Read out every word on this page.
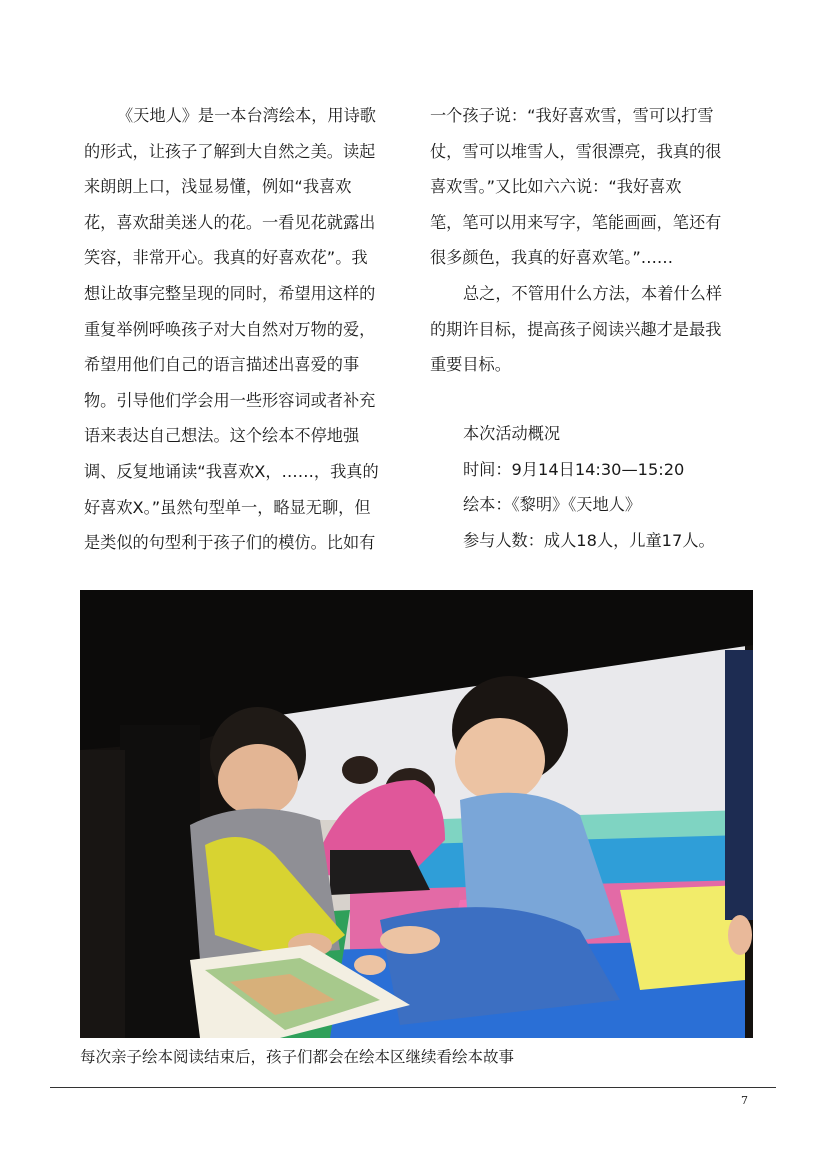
《天地人》是一本台湾绘本，用诗歌

的形式，让孩子了解到大自然之美。读起

来朗朗上口，浅显易懂，例如“我喜欢

花，喜欢甜美迷人的花。一看见花就露出

笑容，非常开心。我真的好喜欢花”。我

想让故事完整呈现的同时，希望用这样的

重复举例呼唤孩子对大自然对万物的爱，

希望用他们自己的语言描述出喜爱的事

物。引导他们学会用一些形容词或者补充

语来表达自己想法。这个绘本不停地强

调、反复地诵读“我喜欢X，……，我真的

好喜欢X。”虽然句型单一，略显无聊，但

是类似的句型利于孩子们的模仿。比如有

一个孩子说：“我好喜欢雪，雪可以打雪

仗，雪可以堆雪人，雪很漂亮，我真的很

喜欢雪。”又比如六六说：“我好喜欢

笔，笔可以用来写字，笔能画画，笔还有

很多颜色，我真的好喜欢笔。”……

总之，不管用什么方法，本着什么样

的期许目标，提高孩子阅读兴趣才是最我

重要目标。

本次活动概况

时间：9月14日14:30—15:20

绘本：《黎明》《天地人》

参与人数：成人18人，儿童17人。

每次亲子绘本阅读结束后，孩子们都会在绘本区继续看绘本故事
7
